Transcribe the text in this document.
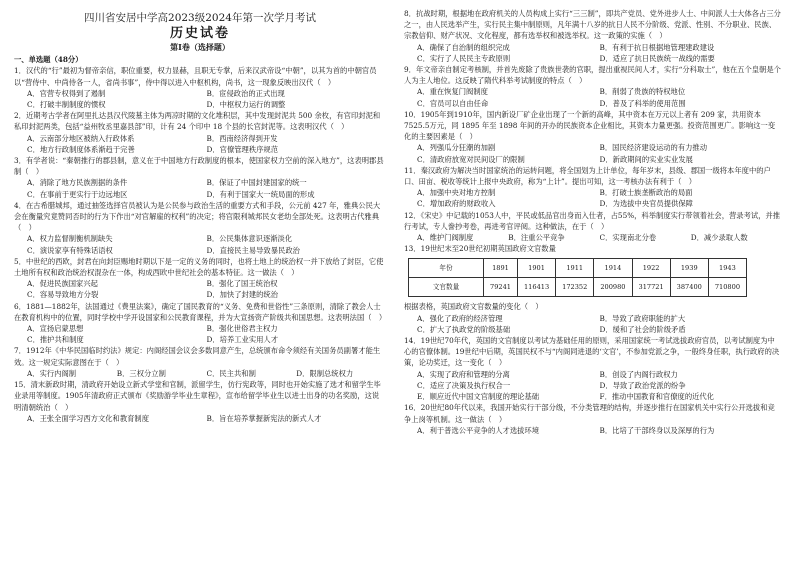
四川省安居中学高2023级2024年第一次学月考试
历史试卷
第I卷（选择题）
一、单选题（48分）

1．汉代的“行”最初为督帝亲信，职位重要，权力显赫，且职无专掌，后来汉武帝设“中朝”，以其为首的中朝官员以“营侍中、中尚侍各一人，省尚书事”，侍中得以进入中枢机构，尚书，这一现象反映出汉代（　）

A．官营专权得到了遏制	B．宦侵政治的正式出现
C．打破丰制制度的惯权	D．中枢权力运行的调整

2．近期考古学者在阿里扎达县汉代陵墓主体为两凉时期的文化堆积层，其中发现封泥共 500 余枚，有官印封泥和私印封泥两类，包括“益州牧丞里嘉县部”印，计有 24 个印中 18 个县的长官封泥等。这表明汉代（　）

A．云南部分地区被纳入行政体系	B．西南经济得到开发
C．地方行政制度体系渐趋于完善	D．官僚管理秩序规范

3．有学者说：“秦朝推行的郡县制，意义在于中国地方行政制度的根本，使国家权力空前的深入地方”，这表明郡县制（　）

A．消除了地方民族割据的条件	B．保证了中国封建国家的统一
C．在事前于更实行于边远地区	D．有利于国家大一统局面的形成

4．在古希腊城邦，通过抽签选择官员被认为是公民参与政治生活的重要方式和手段，公元前 427 年，雅典公民大会在衡量究竟赞同否时的行为下作出“对官解雇的权利”的决定；将官限利城邦民女老幼全部处死。这表明古代雅典（　）

A．权力监督制衡机制缺失	B．公民集体意识逐渐淡化
C．演说家享有特殊话语权	D．直接民主易导致暴民政治

5．中世纪的西欧，封君在向封臣赐地时期以下是一定的义务的同时，也将土地上的统治权一并下放给了封臣，它使土地所有权和政治统治权混杂在一体，构成西欧中世纪社会的基本特征。这一做法（　）

A．促进民族国家兴起	B．强化了国王统治权
C．容易导致地方分裂	D．加快了封建的统治

6．1881—1882年，法国通过《费里法案》，确定了国民教育的“义务、免费和世俗性”三条原则，清除了教会人士在教育机构中的位置，同时学校中学开设国家和公民教育课程，并为大宣扬资产阶级共和国思想。这表明法国（　）

A．宣扬启蒙思想	B．强化世俗君主权力
C．推护共和制度	D．培养工业实用人才

7．1912年《中华民国临时约法》规定：内阁经国会议会多数同意产生，总统颁布命令须经有关国务员副署才能生效。这一规定实际意图在于（　）

A．实行内阁制	B．三权分立制	C．民主共和制	D．限制总统权力

15．清末新政时期，清政府开始设立新式学堂和官制，派留学生，仿行宪政等，同时也开始实施了选才和留学生毕业录用等制度。1905年清政府正式颁布《奖励游学毕业生章程》，宣布给留学毕业生以进士出身的功名奖励，这说明清朝统治（　）

A．王张全面学习西方文化和教育制度	B．旨在培养掌握新宪法的新式人才

8．抗战时期，根据地在政府机关的人员构成上实行“三三制”，即共产党员、党外进步人士、中间派人士大体各占三分之一，由人民选举产生，实行民主集中制原则，凡年满十八岁的抗日人民不分阶级、党派、性别、不分职业、民族、宗教信仰、财产状况、文化程度，都有选举权和被选举权。这一政策的实施（　）

A．确保了自治制的组织完成	B．有利于抗日根据地管理建政建设
C．实行了人民民主专政原则	D．适应了抗日民族统一战线的需要

9．年文帝亲自制定考核制，并首先废除了贵族世袭的官职，提出重视民间人才，实行“分科取士”，他在五个皇朝是个人为主人地位。这反映了隋代科举考试制度的特点（　）

A．重在恢复门阀制度	B．削弱了贵族的特权地位
C．官员可以自由任命	D．普及了科举的使用范围

10．1905年到1910年，国内新设厂矿企业出现了一个新的高峰，其中资本在万元以上者有 209 家，共用资本 7525.5万元，同 1895 年至 1898 年间的开办的民族资本企业相比，其资本力量更强。投资范围更广。影响这一变化的主要因素是（　）

A．列强瓜分狂潮的加剧	B．国民经济建设运动的有力推动
C．清政府放宽对民间设厂的限制	D．新政期间的实业实业发展

11．秦汉政府为解决当时国家统治的运转问题，将全国划为上计单位，每年岁末，县级、郡国一级将本年度中的户口、田亩、税收等统计上报中央政府，称为“上计”。提出可知，这一考核办法有利于（　）

A．加强中央对地方控制	B．打破士族垄断政治的局面
C．增加政府的财政收入	D．为选拔中央官员提供保障

12．《宋史》中记载的1053人中，平民或低品官出身而入仕者，占55%，科举制度实行带领着社会，营录考试，并推行考试，专人誊抄考卷，再进考官评阅。这种做法，在于（　）

A．维护门阀制度	B．注重公平竞争	C．实现南北分卷	D．减少录取人数

13．19世纪末至20世纪初期英国政府文官数量

年份	1891	1901	1911	1914	1922	1939	1943
文官数量	79241	116413	172352	200980	317721	387400	710800

根据表格，英国政府文官数量的变化（　）

A．强化了政府的经济管理	B．导致了政府职能的扩大
C．扩大了执政党的阶级基础	D．缓和了社会的阶级矛盾

14．19世纪70年代，英国的文官制度以考试为基础任用的原则，采用国家统一考试选拔政府官员，以考试制度为中心的官僚体制。19世纪中后期，英国民权不与“内阁同进退的‘文官’，不参加党派之争，一般终身任职，执行政府的决策，论功奖迁，这一变化（　）

A．实现了政府和管理的分离	B．创设了内阁行政权力
C．适应了决策及执行权合一	D．导致了政治党派的纷争
E．顺应近代中国文官制度的理论基础	F．推动中国教育和官僚度的近代化

16．20世纪80年代以来，我国开始实行干部分级，不分类管理的结构，并逐步推行在国家机关中实行公开选拔和竞争上岗等机制。这一做法（　）

A．利于普选公平竞争的人才选拔环境	B．比培了干部终身以及深厚的行为
